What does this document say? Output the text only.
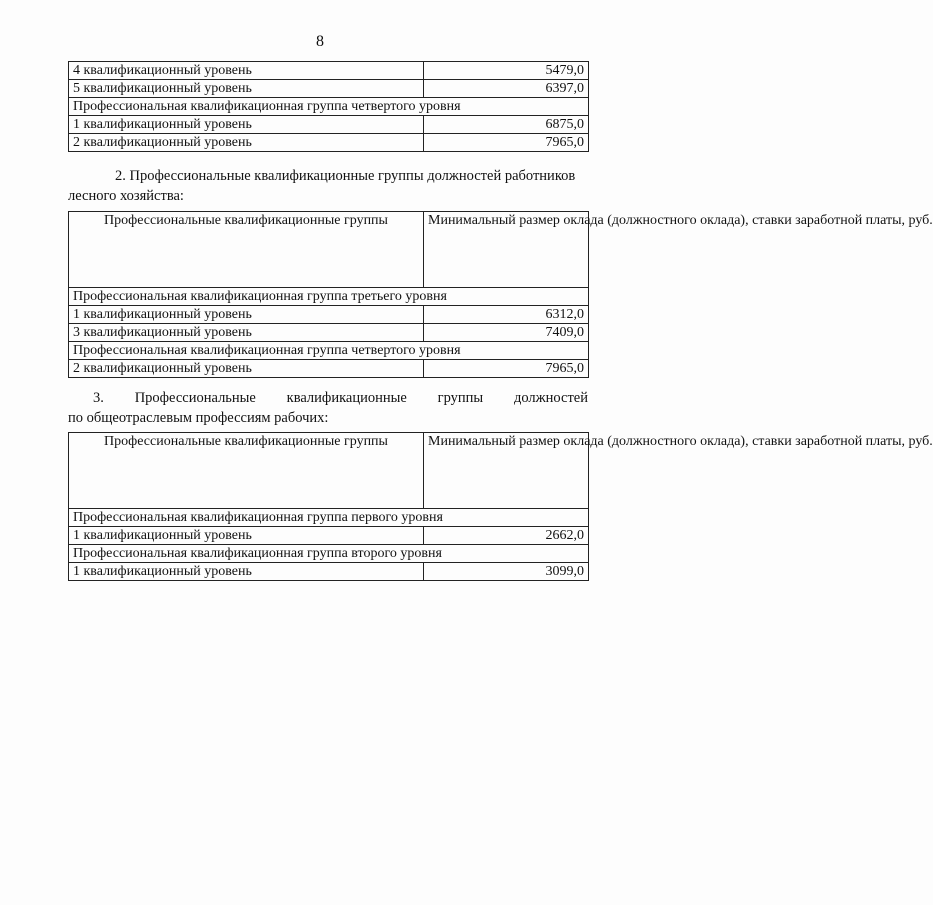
8
4 квалификационный уровень	5479,0
5 квалификационный уровень	6397,0
Профессиональная квалификационная группа четвертого уровня	
1 квалификационный уровень	6875,0
2 квалификационный уровень	7965,0
2. Профессиональные квалификационные группы должностей работников
лесного хозяйства:
Профессиональные квалификационные группы	Минимальный размер оклада (должностного оклада), ставки заработной платы, руб.
Профессиональная квалификационная группа третьего уровня	
1 квалификационный уровень	6312,0
3 квалификационный уровень	7409,0
Профессиональная квалификационная группа четвертого уровня	
2 квалификационный уровень	7965,0
3. Профессиональные квалификационные группы должностей
по общеотраслевым профессиям рабочих:
Профессиональные квалификационные группы	Минимальный размер оклада (должностного оклада), ставки заработной платы, руб.
Профессиональная квалификационная группа первого уровня	
1 квалификационный уровень	2662,0
Профессиональная квалификационная группа второго уровня	
1 квалификационный уровень	3099,0
